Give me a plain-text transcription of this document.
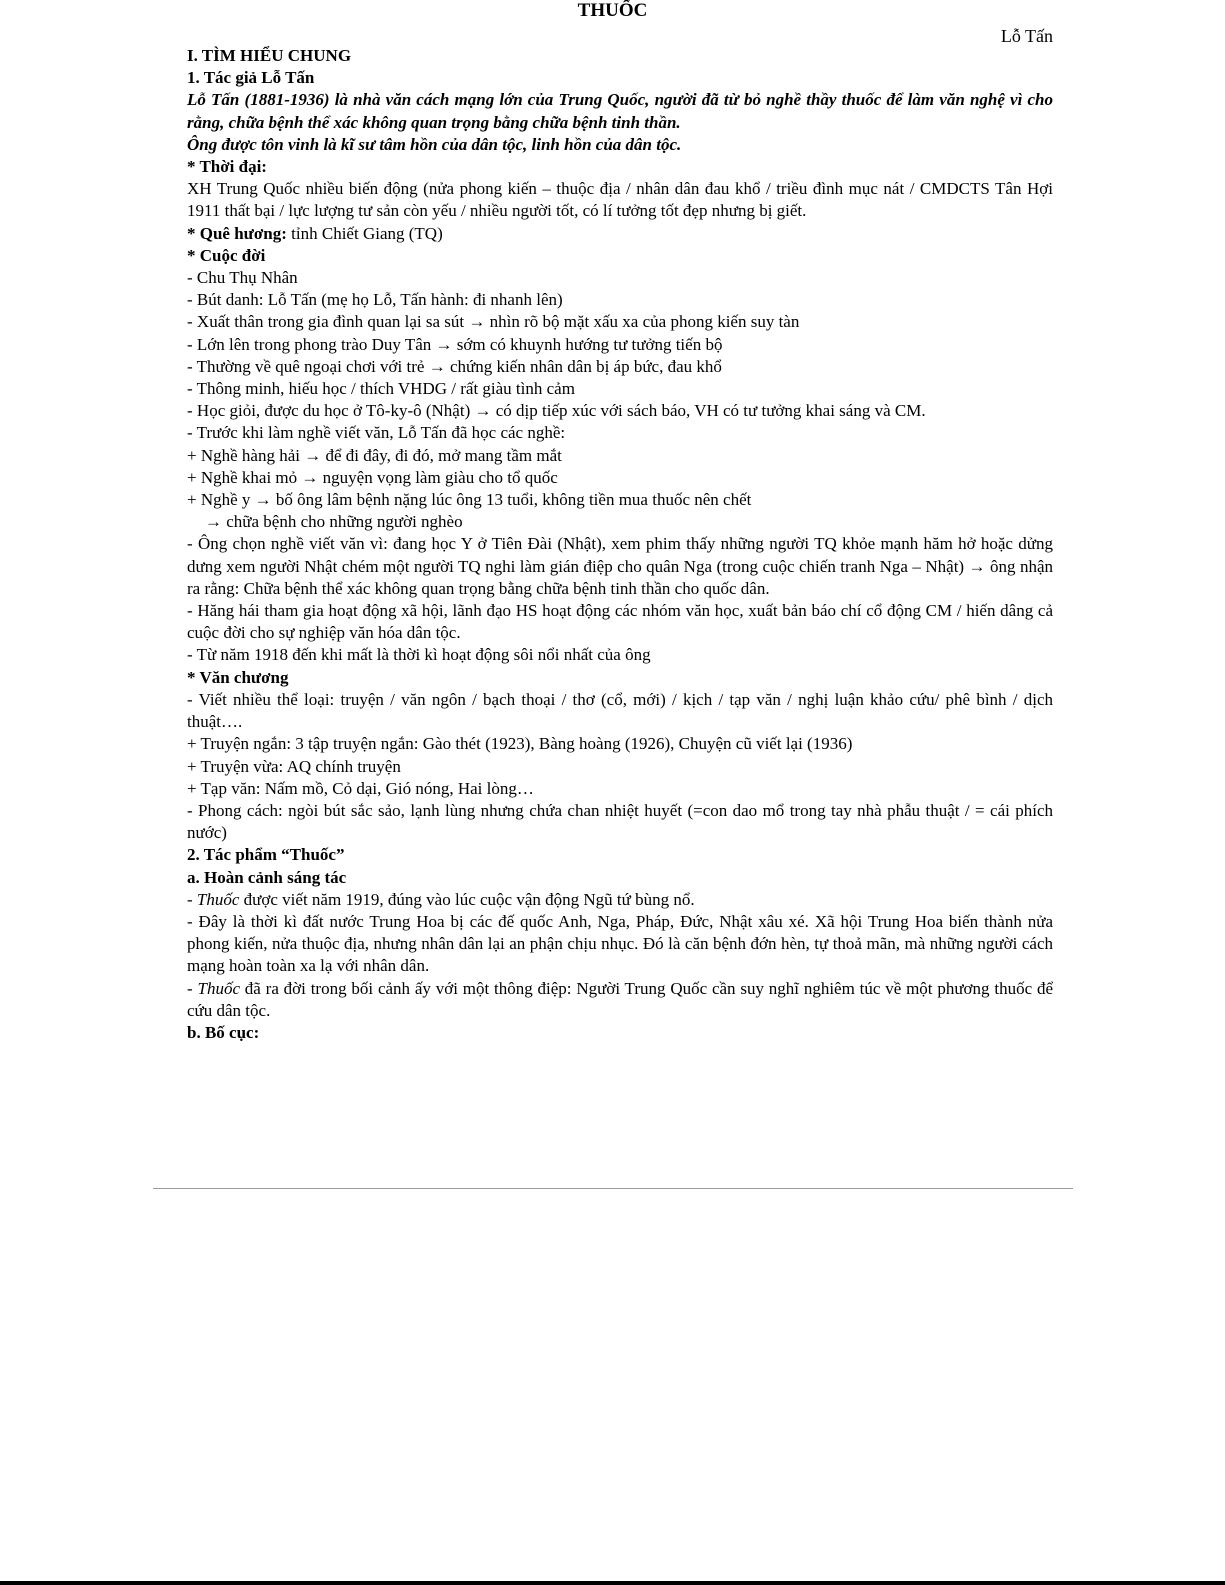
THUỐC
Lỗ Tấn

I. TÌM HIỂU CHUNG

1. Tác giả Lỗ Tấn

Lỗ Tấn (1881-1936) là nhà văn cách mạng lớn của Trung Quốc, người đã từ bỏ nghề thầy thuốc để làm văn nghệ vì cho rằng, chữa bệnh thể xác không quan trọng bằng chữa bệnh tinh thần.

Ông được tôn vinh là kĩ sư tâm hồn của dân tộc, linh hồn của dân tộc.

* Thời đại:

XH Trung Quốc nhiều biến động (nửa phong kiến – thuộc địa / nhân dân đau khổ / triều đình mục nát / CMDCTS Tân Hợi 1911 thất bại / lực lượng tư sản còn yếu / nhiều người tốt, có lí tưởng tốt đẹp nhưng bị giết.

* Quê hương: tỉnh Chiết Giang (TQ)

* Cuộc đời

- Chu Thụ Nhân

- Bút danh: Lỗ Tấn (mẹ họ Lỗ, Tấn hành: đi nhanh lên)

- Xuất thân trong gia đình quan lại sa sút → nhìn rõ bộ mặt xấu xa của phong kiến suy tàn

- Lớn lên trong phong trào Duy Tân → sớm có khuynh hướng tư tưởng tiến bộ

- Thường về quê ngoại chơi với trẻ → chứng kiến nhân dân bị áp bức, đau khổ

- Thông minh, hiếu học / thích VHDG / rất giàu tình cảm

- Học giỏi, được du học ở Tô-ky-ô (Nhật) → có dịp tiếp xúc với sách báo, VH có tư tưởng khai sáng và CM.

- Trước khi làm nghề viết văn, Lỗ Tấn đã học các nghề:

+ Nghề hàng hải → để đi đây, đi đó, mở mang tầm mắt

+ Nghề khai mỏ → nguyện vọng làm giàu cho tổ quốc

+ Nghề y → bố ông lâm bệnh nặng lúc ông 13 tuổi, không tiền mua thuốc nên chết

→ chữa bệnh cho những người nghèo

- Ông chọn nghề viết văn vì: đang học Y ở Tiên Đài (Nhật), xem phim thấy những người TQ khỏe mạnh hăm hở hoặc dửng dưng xem người Nhật chém một người TQ nghi làm gián điệp cho quân Nga (trong cuộc chiến tranh Nga – Nhật) → ông nhận ra rằng: Chữa bệnh thể xác không quan trọng bằng chữa bệnh tinh thần cho quốc dân.

- Hăng hái tham gia hoạt động xã hội, lãnh đạo HS hoạt động các nhóm văn học, xuất bản báo chí cổ động CM / hiến dâng cả cuộc đời cho sự nghiệp văn hóa dân tộc.

- Từ năm 1918 đến khi mất là thời kì hoạt động sôi nổi nhất của ông

* Văn chương

- Viết nhiều thể loại: truyện / văn ngôn / bạch thoại / thơ (cổ, mới) / kịch / tạp văn / nghị luận khảo cứu/ phê bình / dịch thuật….

+ Truyện ngắn: 3 tập truyện ngắn: Gào thét (1923), Bàng hoàng (1926), Chuyện cũ viết lại (1936)

+ Truyện vừa: AQ chính truyện

+ Tạp văn: Nấm mồ, Cỏ dại, Gió nóng, Hai lòng…

- Phong cách: ngòi bút sắc sảo, lạnh lùng nhưng chứa chan nhiệt huyết (=con dao mổ trong tay nhà phẫu thuật / = cái phích nước)

2. Tác phẩm “Thuốc”

a. Hoàn cảnh sáng tác

- Thuốc được viết năm 1919, đúng vào lúc cuộc vận động Ngũ tứ bùng nổ.

- Đây là thời kì đất nước Trung Hoa bị các đế quốc Anh, Nga, Pháp, Đức, Nhật xâu xé. Xã hội Trung Hoa biến thành nửa phong kiến, nửa thuộc địa, nhưng nhân dân lại an phận chịu nhục. Đó là căn bệnh đớn hèn, tự thoả mãn, mà những người cách mạng hoàn toàn xa lạ với nhân dân.

- Thuốc đã ra đời trong bối cảnh ấy với một thông điệp: Người Trung Quốc cần suy nghĩ nghiêm túc về một phương thuốc để cứu dân tộc.

b. Bố cục:
